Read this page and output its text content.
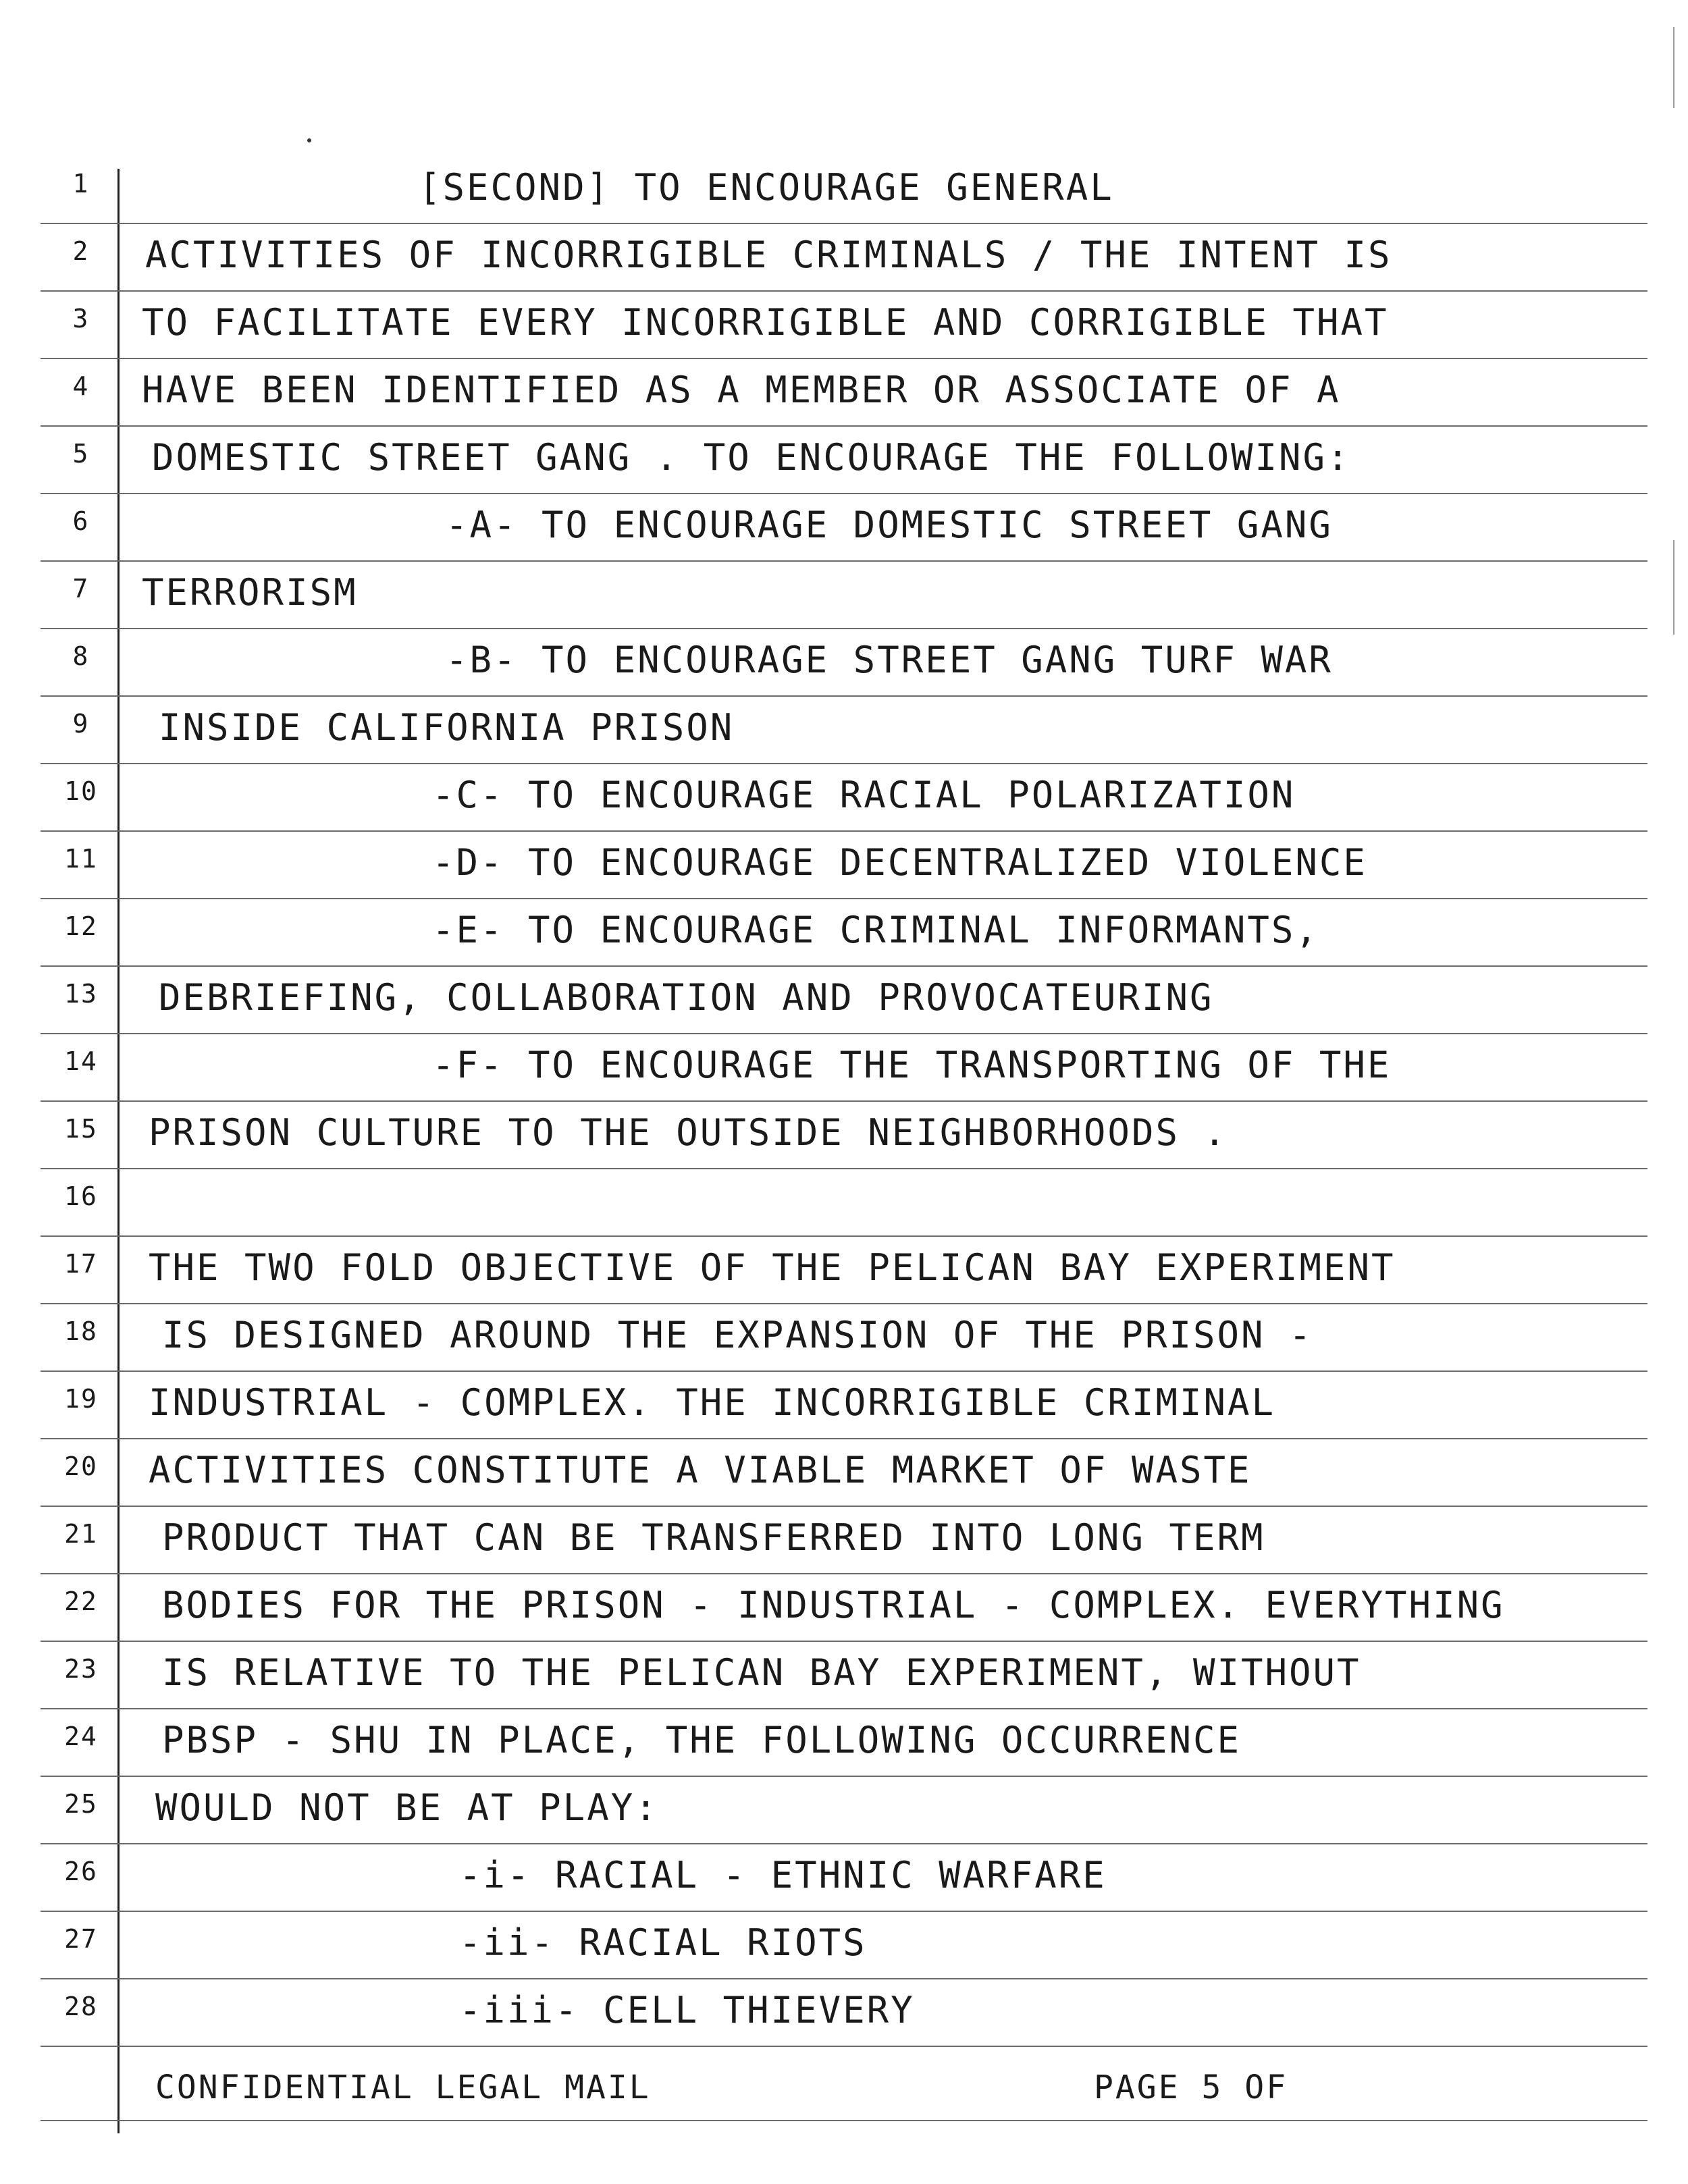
1	[SECOND] TO ENCOURAGE GENERAL
2	ACTIVITIES OF INCORRIGIBLE CRIMINALS / THE INTENT IS
3	TO FACILITATE EVERY INCORRIGIBLE AND CORRIGIBLE THAT
4	HAVE BEEN IDENTIFIED AS A MEMBER OR ASSOCIATE OF A
5	DOMESTIC STREET GANG . TO ENCOURAGE THE FOLLOWING:
6	-A- TO ENCOURAGE DOMESTIC STREET GANG
7	TERRORISM
8	-B- TO ENCOURAGE STREET GANG TURF WAR
9	INSIDE CALIFORNIA PRISON
10	-C- TO ENCOURAGE RACIAL POLARIZATION
11	-D- TO ENCOURAGE DECENTRALIZED VIOLENCE
12	-E- TO ENCOURAGE CRIMINAL INFORMANTS,
13 DEBRIEFING, COLLABORATION AND PROVOCATEURING
14	-F- TO ENCOURAGE THE TRANSPORTING OF THE
15 PRISON CULTURE TO THE OUTSIDE NEIGHBORHOODS .
16
17 THE TWO FOLD OBJECTIVE OF THE PELICAN BAY EXPERIMENT
18 IS DESIGNED AROUND THE EXPANSION OF THE PRISON -
19 INDUSTRIAL - COMPLEX. THE INCORRIGIBLE CRIMINAL
20 ACTIVITIES CONSTITUTE A VIABLE MARKET OF WASTE
21 PRODUCT THAT CAN BE TRANSFERRED INTO LONG TERM
22 BODIES FOR THE PRISON - INDUSTRIAL - COMPLEX. EVERYTHING
23 IS RELATIVE TO THE PELICAN BAY EXPERIMENT, WITHOUT
24 PBSP - SHU IN PLACE, THE FOLLOWING OCCURRENCE
25 WOULD NOT BE AT PLAY:
26	-i- RACIAL - ETHNIC WARFARE
27	-ii- RACIAL RIOTS
28	-iii- CELL THIEVERY
CONFIDENTIAL LEGAL MAIL	PAGE 5 OF
